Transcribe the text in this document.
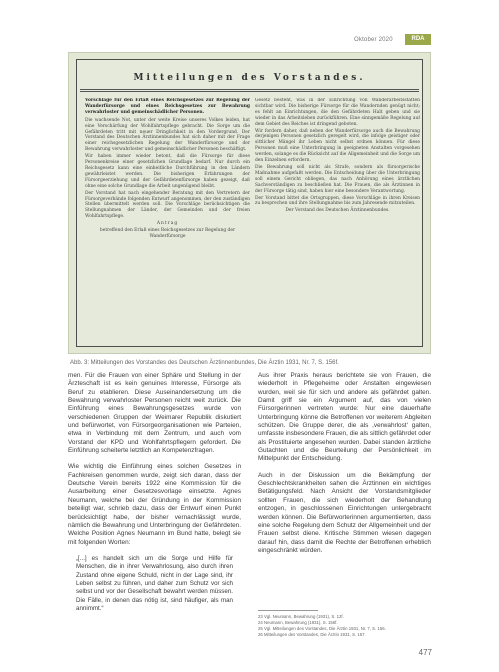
Oktober 2020	RDA
Mitteilungen des Vorstandes.

Vorschläge für den Erlaß eines Reichsgesetzes zur Regelung der Wanderfürsorge und eines Reichsgesetzes zur Bewahrung verwahrloster und gemeinschädlicher Personen.

Die wachsende Not, unter der weite Kreise unseres Volkes leiden, hat eine Verschärfung der Wohlfahrtspflege gebracht. Die Sorge um die Gefährdeten tritt mit neuer Dringlichkeit in den Vordergrund. Der Vorstand des Deutschen Ärztinnenbundes hat sich daher mit der Frage einer reichsgesetzlichen Regelung der Wanderfürsorge und der Bewahrung verwahrloster und gemeinschädlicher Personen beschäftigt.

Wir haben immer wieder betont, daß die Fürsorge für diese Personenkreise einer gesetzlichen Grundlage bedarf. Nur durch ein Reichsgesetz kann eine einheitliche Durchführung in den Ländern gewährleistet werden. Die bisherigen Erfahrungen der Fürsorgeerziehung und der Gefährdetenfürsorge haben gezeigt, daß ohne eine solche Grundlage die Arbeit ungenügend bleibt.

Der Vorstand hat nach eingehender Beratung mit den Vertretern der Fürsorgeverbände folgenden Entwurf angenommen, der den zuständigen Stellen übermittelt werden soll. Die Vorschläge berücksichtigen die Stellungnahmen der Länder, der Gemeinden und der freien Wohlfahrtspflege.

Antrag

betreffend den Erlaß eines Reichsgesetzes zur Regelung der Wanderfürsorge

Gesetz besteht, was in der Einrichtung von Wanderarbeitsstätten sichtbar wird. Die bisherige Fürsorge für die Wandernden genügt nicht; es fehlt an Einrichtungen, die den Gefährdeten Halt geben und sie wieder in das Arbeitsleben zurückführen. Eine sinngemäße Regelung auf dem Gebiet des Reiches ist dringend geboten.

Wir fordern daher, daß neben der Wanderfürsorge auch die Bewahrung derjenigen Personen gesetzlich geregelt wird, die infolge geistiger oder sittlicher Mängel ihr Leben nicht selbst ordnen können. Für diese Personen muß eine Unterbringung in geeigneten Anstalten vorgesehen werden, solange es die Rücksicht auf die Allgemeinheit und die Sorge um den Einzelnen erfordern.

Die Bewahrung soll nicht als Strafe, sondern als fürsorgerische Maßnahme aufgefaßt werden. Die Entscheidung über die Unterbringung soll einem Gericht obliegen, das nach Anhörung eines ärztlichen Sachverständigen zu beschließen hat. Die Frauen, die als Ärztinnen in der Fürsorge tätig sind, haben hier eine besondere Verantwortung.

Der Vorstand bittet die Ortsgruppen, diese Vorschläge in ihren Kreisen zu besprechen und ihre Stellungnahme bis zum Jahresende mitzuteilen.

Der Vorstand des Deutschen Ärztinnenbundes.

Abb. 3: Mitteilungen des Vorstandes des Deutschen Ärztinnenbundes, Die Ärztin 1931, Nr. 7, S. 156f.

men. Für die Frauen von einer Sphäre und Stellung in der Ärzteschaft ist es kein genuines Interesse, Fürsorge als Beruf zu etablieren. Diese Auseinandersetzung um die Bewahrung verwahrloster Personen reicht weit zurück. Die Einführung eines Bewahrungsgesetzes wurde von verschiedenen Gruppen der Weimarer Republik diskutiert und befürwortet, von Fürsorgeorganisationen wie Parteien, etwa in Verbindung mit dem Zentrum, und auch vom Vorstand der KPD und Wohlfahrtspflegern gefordert. Die Einführung scheiterte letztlich an Kompetenzfragen.

Wie wichtig die Einführung eines solchen Gesetzes in Fachkreisen genommen wurde, zeigt sich daran, dass der Deutsche Verein bereits 1922 eine Kommission für die Ausarbeitung einer Gesetzesvorlage einsetzte. Agnes Neumann, welche bei der Gründung in der Kommission beteiligt war, schrieb dazu, dass der Entwurf einen Punkt berücksichtigt habe, der bisher vernachlässigt wurde, nämlich die Bewahrung und Unterbringung der Gefährdeten. Welche Position Agnes Neumann im Bund hatte, belegt sie mit folgenden Worten:

„[...] es handelt sich um die Sorge und Hilfe für Menschen, die in ihrer Verwahrlosung, also durch ihren Zustand ohne eigene Schuld, nicht in der Lage sind, ihr Leben selbst zu führen, und daher zum Schutz vor sich selbst und vor der Gesellschaft bewahrt werden müssen. Die Fälle, in denen das nötig ist, sind häufiger, als man annimmt.“

Aus ihrer Praxis heraus berichtete sie von Frauen, die wiederholt in Pflegeheime oder Anstalten eingewiesen wurden, weil sie für sich und andere als gefährdet galten. Damit griff sie ein Argument auf, das von vielen Fürsorgerinnen vertreten wurde: Nur eine dauerhafte Unterbringung könne die Betroffenen vor weiterem Abgleiten schützen. Die Gruppe derer, die als ,verwahrlost‘ galten, umfasste insbesondere Frauen, die als sittlich gefährdet oder als Prostituierte angesehen wurden. Dabei standen ärztliche Gutachten und die Beurteilung der Persönlichkeit im Mittelpunkt der Entscheidung.

Auch in der Diskussion um die Bekämpfung der Geschlechtskrankheiten sahen die Ärztinnen ein wichtiges Betätigungsfeld. Nach Ansicht der Vorstandsmitglieder sollten Frauen, die sich wiederholt der Behandlung entzogen, in geschlossenen Einrichtungen untergebracht werden können. Die Befürworterinnen argumentierten, dass eine solche Regelung dem Schutz der Allgemeinheit und der Frauen selbst diene. Kritische Stimmen wiesen dagegen darauf hin, dass damit die Rechte der Betroffenen erheblich eingeschränkt würden.

23 Vgl. Neumann, Bewahrung (1931), S. 12f.
24 Neumann, Bewahrung (1931), S. 156f.
25 Vgl. Mitteilungen des Vorstandes, Die Ärztin 1931, Nr. 7, S. 156.
26 Mitteilungen des Vorstandes, Die Ärztin 1931, S. 157.
477
